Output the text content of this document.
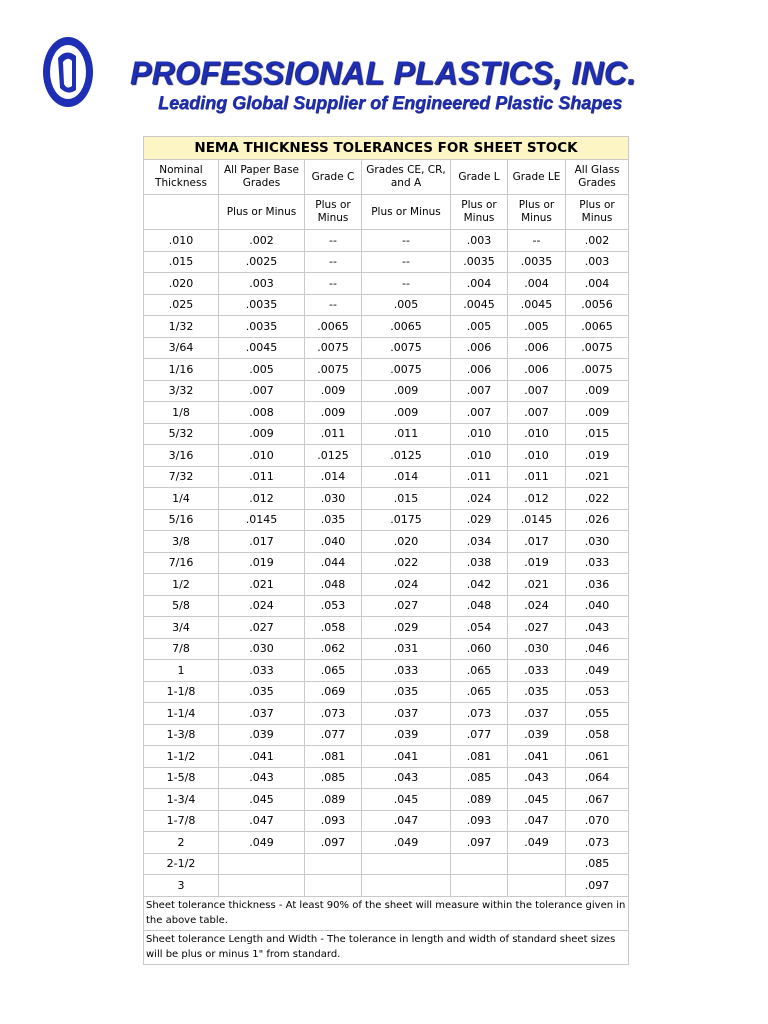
PROFESSIONAL PLASTICS, INC.
Leading Global Supplier of Engineered Plastic Shapes
NEMA THICKNESS TOLERANCES FOR SHEET STOCK						
Nominal Thickness	All Paper Base Grades	Grade C	Grades CE, CR, and A	Grade L	Grade LE	All Glass Grades
	Plus or Minus	Plus or Minus	Plus or Minus	Plus or Minus	Plus or Minus	Plus or Minus
.010	.002	--	--	.003	--	.002
.015	.0025	--	--	.0035	.0035	.003
.020	.003	--	--	.004	.004	.004
.025	.0035	--	.005	.0045	.0045	.0056
1/32	.0035	.0065	.0065	.005	.005	.0065
3/64	.0045	.0075	.0075	.006	.006	.0075
1/16	.005	.0075	.0075	.006	.006	.0075
3/32	.007	.009	.009	.007	.007	.009
1/8	.008	.009	.009	.007	.007	.009
5/32	.009	.011	.011	.010	.010	.015
3/16	.010	.0125	.0125	.010	.010	.019
7/32	.011	.014	.014	.011	.011	.021
1/4	.012	.030	.015	.024	.012	.022
5/16	.0145	.035	.0175	.029	.0145	.026
3/8	.017	.040	.020	.034	.017	.030
7/16	.019	.044	.022	.038	.019	.033
1/2	.021	.048	.024	.042	.021	.036
5/8	.024	.053	.027	.048	.024	.040
3/4	.027	.058	.029	.054	.027	.043
7/8	.030	.062	.031	.060	.030	.046
1	.033	.065	.033	.065	.033	.049
1-1/8	.035	.069	.035	.065	.035	.053
1-1/4	.037	.073	.037	.073	.037	.055
1-3/8	.039	.077	.039	.077	.039	.058
1-1/2	.041	.081	.041	.081	.041	.061
1-5/8	.043	.085	.043	.085	.043	.064
1-3/4	.045	.089	.045	.089	.045	.067
1-7/8	.047	.093	.047	.093	.047	.070
2	.049	.097	.049	.097	.049	.073
2-1/2						.085
3						.097
Sheet tolerance thickness - At least 90% of the sheet will measure within the tolerance given in the above table.						
Sheet tolerance Length and Width - The tolerance in length and width of standard sheet sizes will be plus or minus 1" from standard.						
